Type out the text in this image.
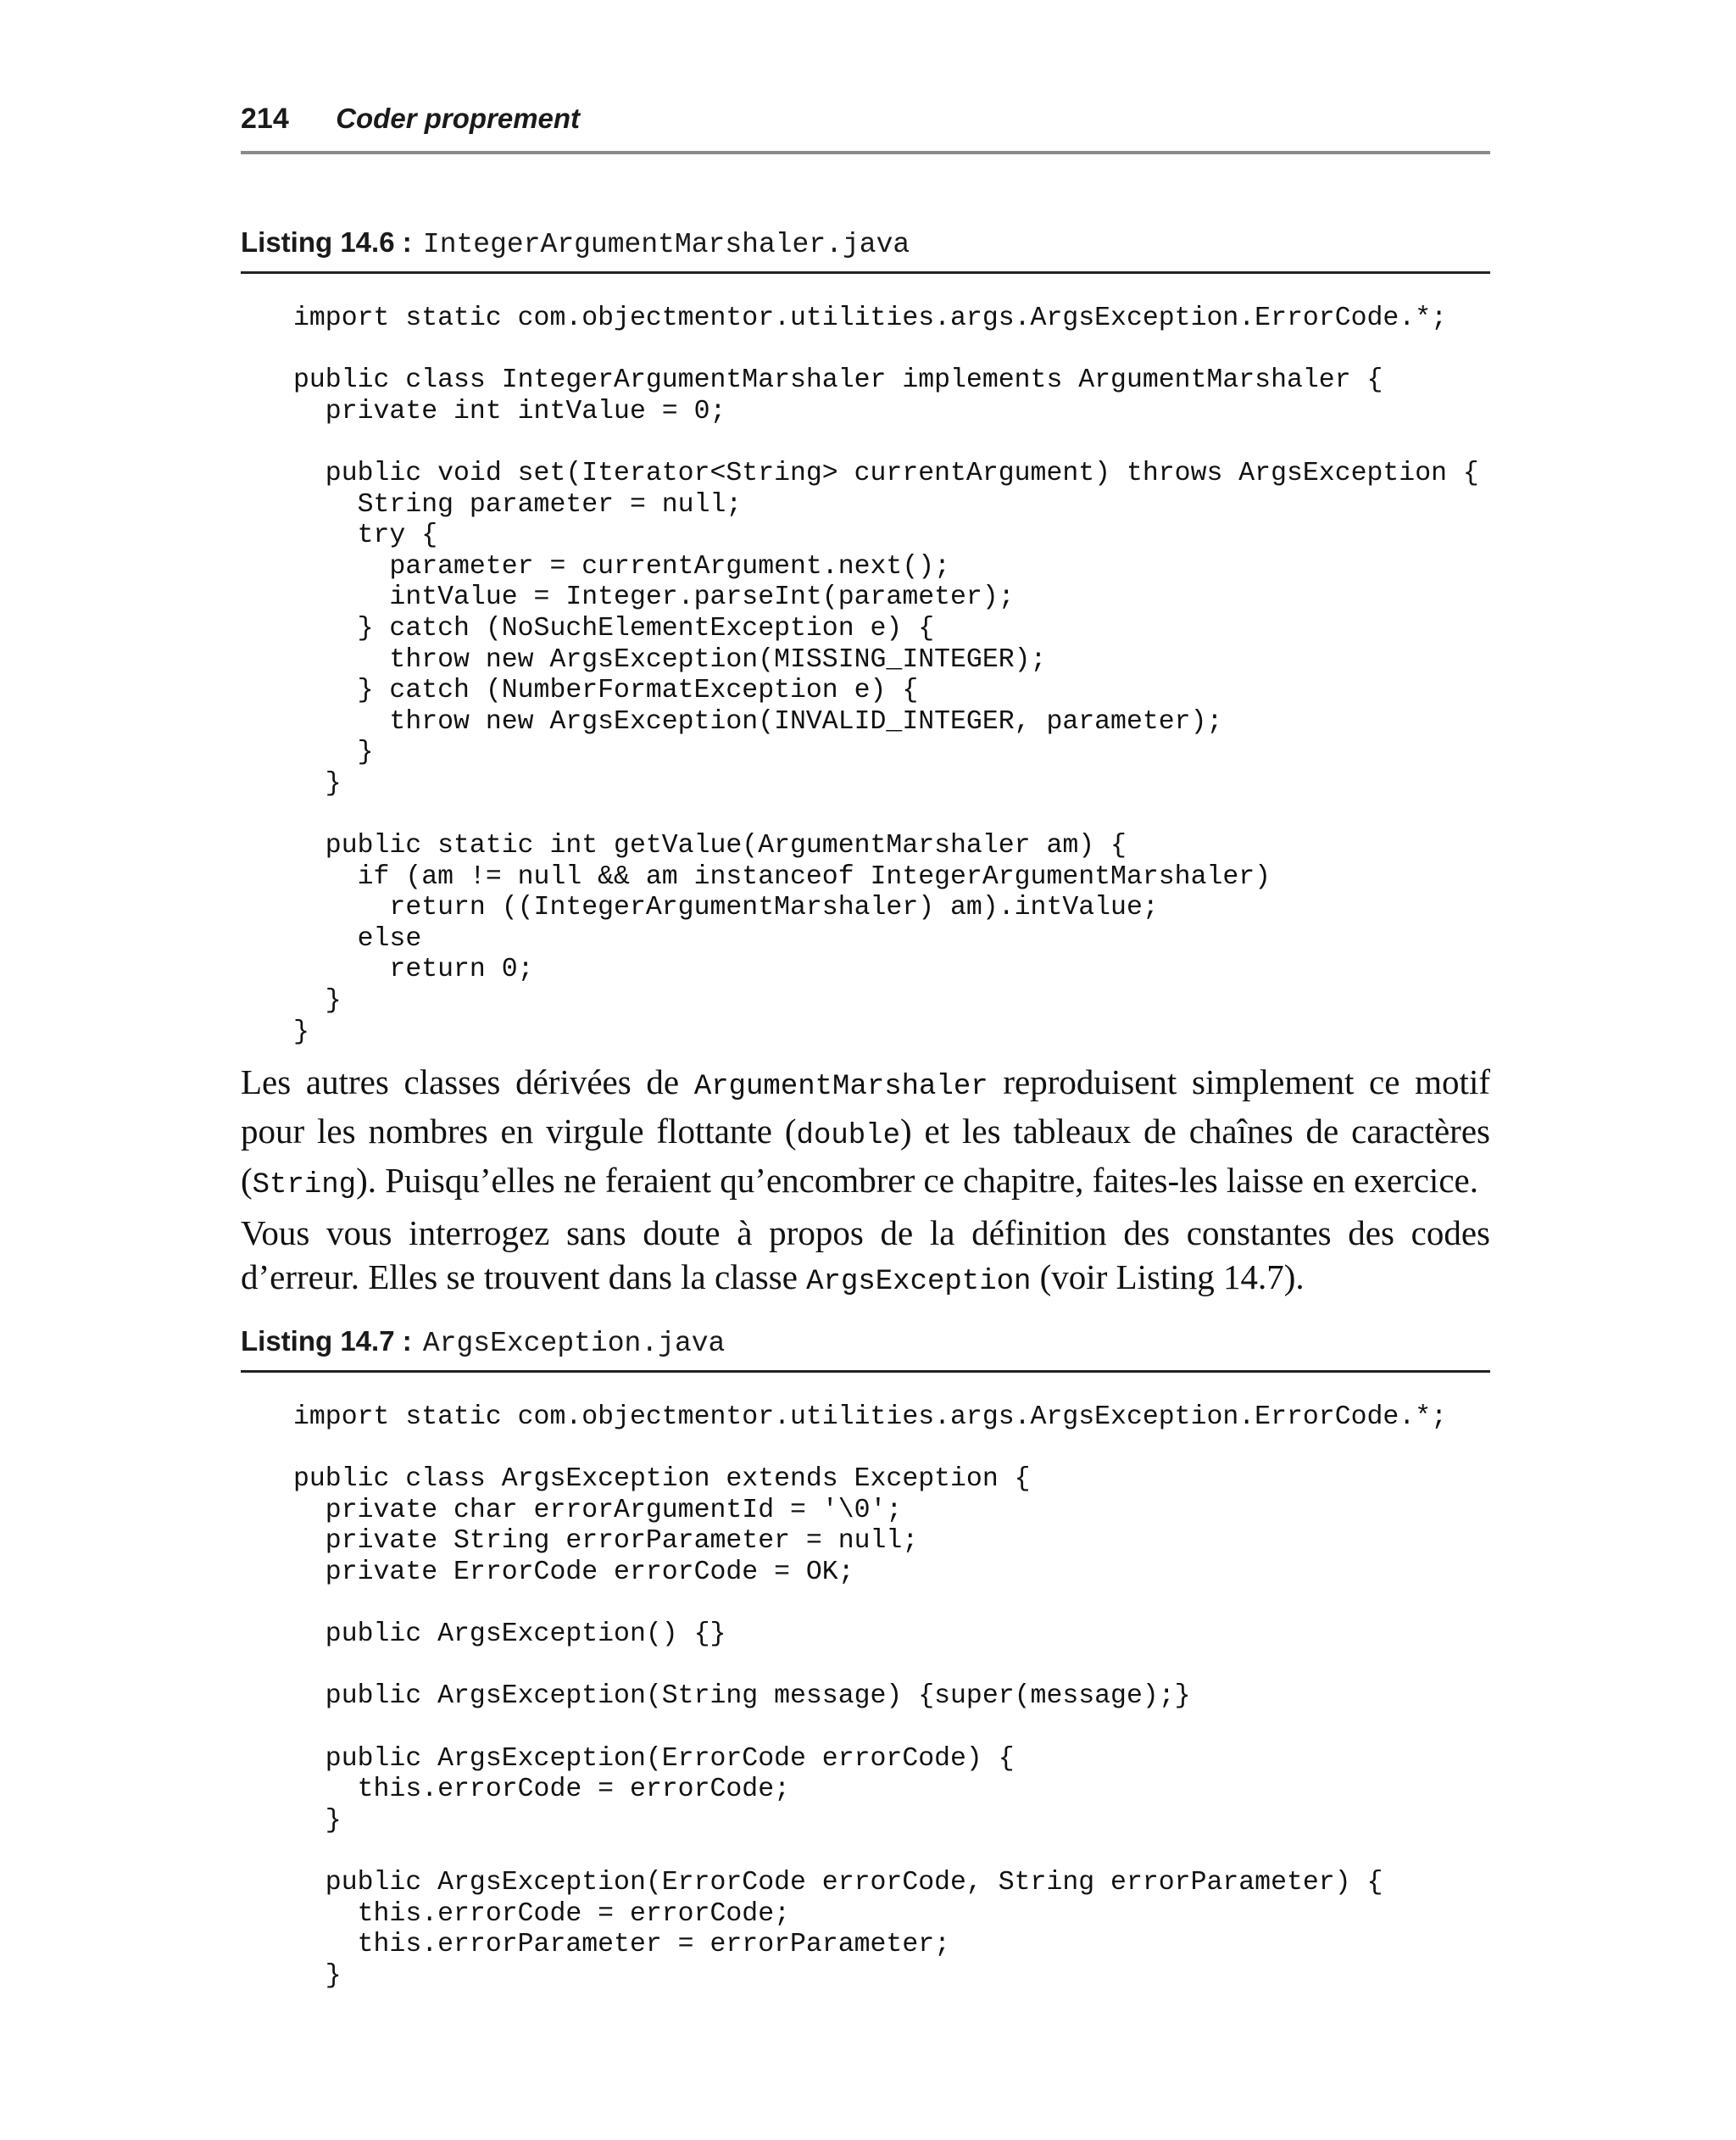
214 Coder proprement
Listing 14.6 : IntegerArgumentMarshaler.java
import static com.objectmentor.utilities.args.ArgsException.ErrorCode.*;

public class IntegerArgumentMarshaler implements ArgumentMarshaler {
private int intValue = 0;

public void set(Iterator<String> currentArgument) throws ArgsException {
String parameter = null;
try {
parameter = currentArgument.next();
intValue = Integer.parseInt(parameter);
} catch (NoSuchElementException e) {
throw new ArgsException(MISSING_INTEGER);
} catch (NumberFormatException e) {
throw new ArgsException(INVALID_INTEGER, parameter);
}
}

public static int getValue(ArgumentMarshaler am) {
if (am != null && am instanceof IntegerArgumentMarshaler)
return ((IntegerArgumentMarshaler) am).intValue;
else
return 0;
}
}

Les autres classes dérivées de ArgumentMarshaler reproduisent simplement ce motif pour les nombres en virgule flottante (double) et les tableaux de chaînes de caractères (String). Puisqu’elles ne feraient qu’encombrer ce chapitre, faites-les laisse en exercice.

Vous vous interrogez sans doute à propos de la définition des constantes des codes d’erreur. Elles se trouvent dans la classe ArgsException (voir Listing 14.7).

Listing 14.7 : ArgsException.java
import static com.objectmentor.utilities.args.ArgsException.ErrorCode.*;

public class ArgsException extends Exception {
private char errorArgumentId = '\0';
private String errorParameter = null;
private ErrorCode errorCode = OK;

public ArgsException() {}

public ArgsException(String message) {super(message);}

public ArgsException(ErrorCode errorCode) {
this.errorCode = errorCode;
}

public ArgsException(ErrorCode errorCode, String errorParameter) {
this.errorCode = errorCode;
this.errorParameter = errorParameter;
}
